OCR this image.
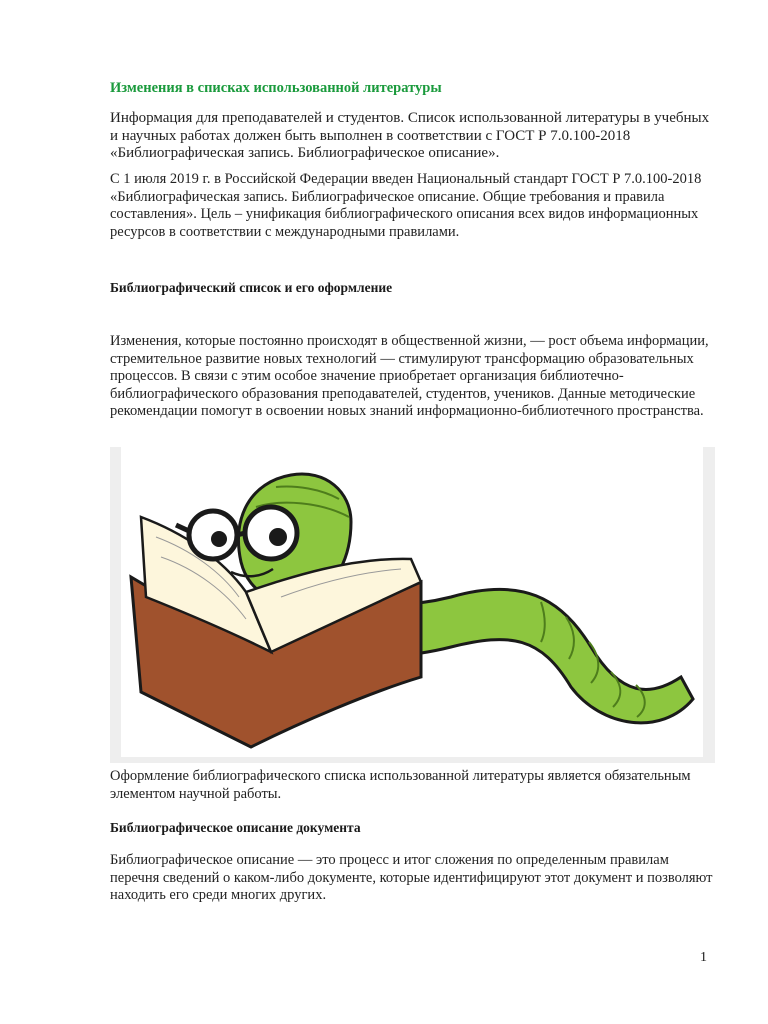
Изменения в списках использованной литературы
Информация для преподавателей и студентов. Список использованной литературы в учебных и научных работах должен быть выполнен в соответствии с ГОСТ Р 7.0.100-2018 «Библиографическая запись. Библиографическое описание».
С 1 июля 2019 г. в Российской Федерации введен Национальный стандарт ГОСТ Р 7.0.100-2018 «Библиографическая запись. Библиографическое описание. Общие требования и правила составления». Цель – унификация библиографического описания всех видов информационных ресурсов в соответствии с международными правилами.
Библиографический список и его оформление
Изменения, которые постоянно происходят в общественной жизни, — рост объема информации, стремительное развитие новых технологий — стимулируют трансформацию образовательных процессов. В связи с этим особое значение приобретает организация библиотечно-библиографического образования преподавателей, студентов, учеников. Данные методические рекомендации помогут в освоении новых знаний информационно-библиотечного пространства.
Оформление библиографического списка использованной литературы является обязательным элементом научной работы.
Библиографическое описание документа
Библиографическое описание — это процесс и итог сложения по определенным правилам перечня сведений о каком-либо документе, которые идентифицируют этот документ и позволяют находить его среди многих других.
1
